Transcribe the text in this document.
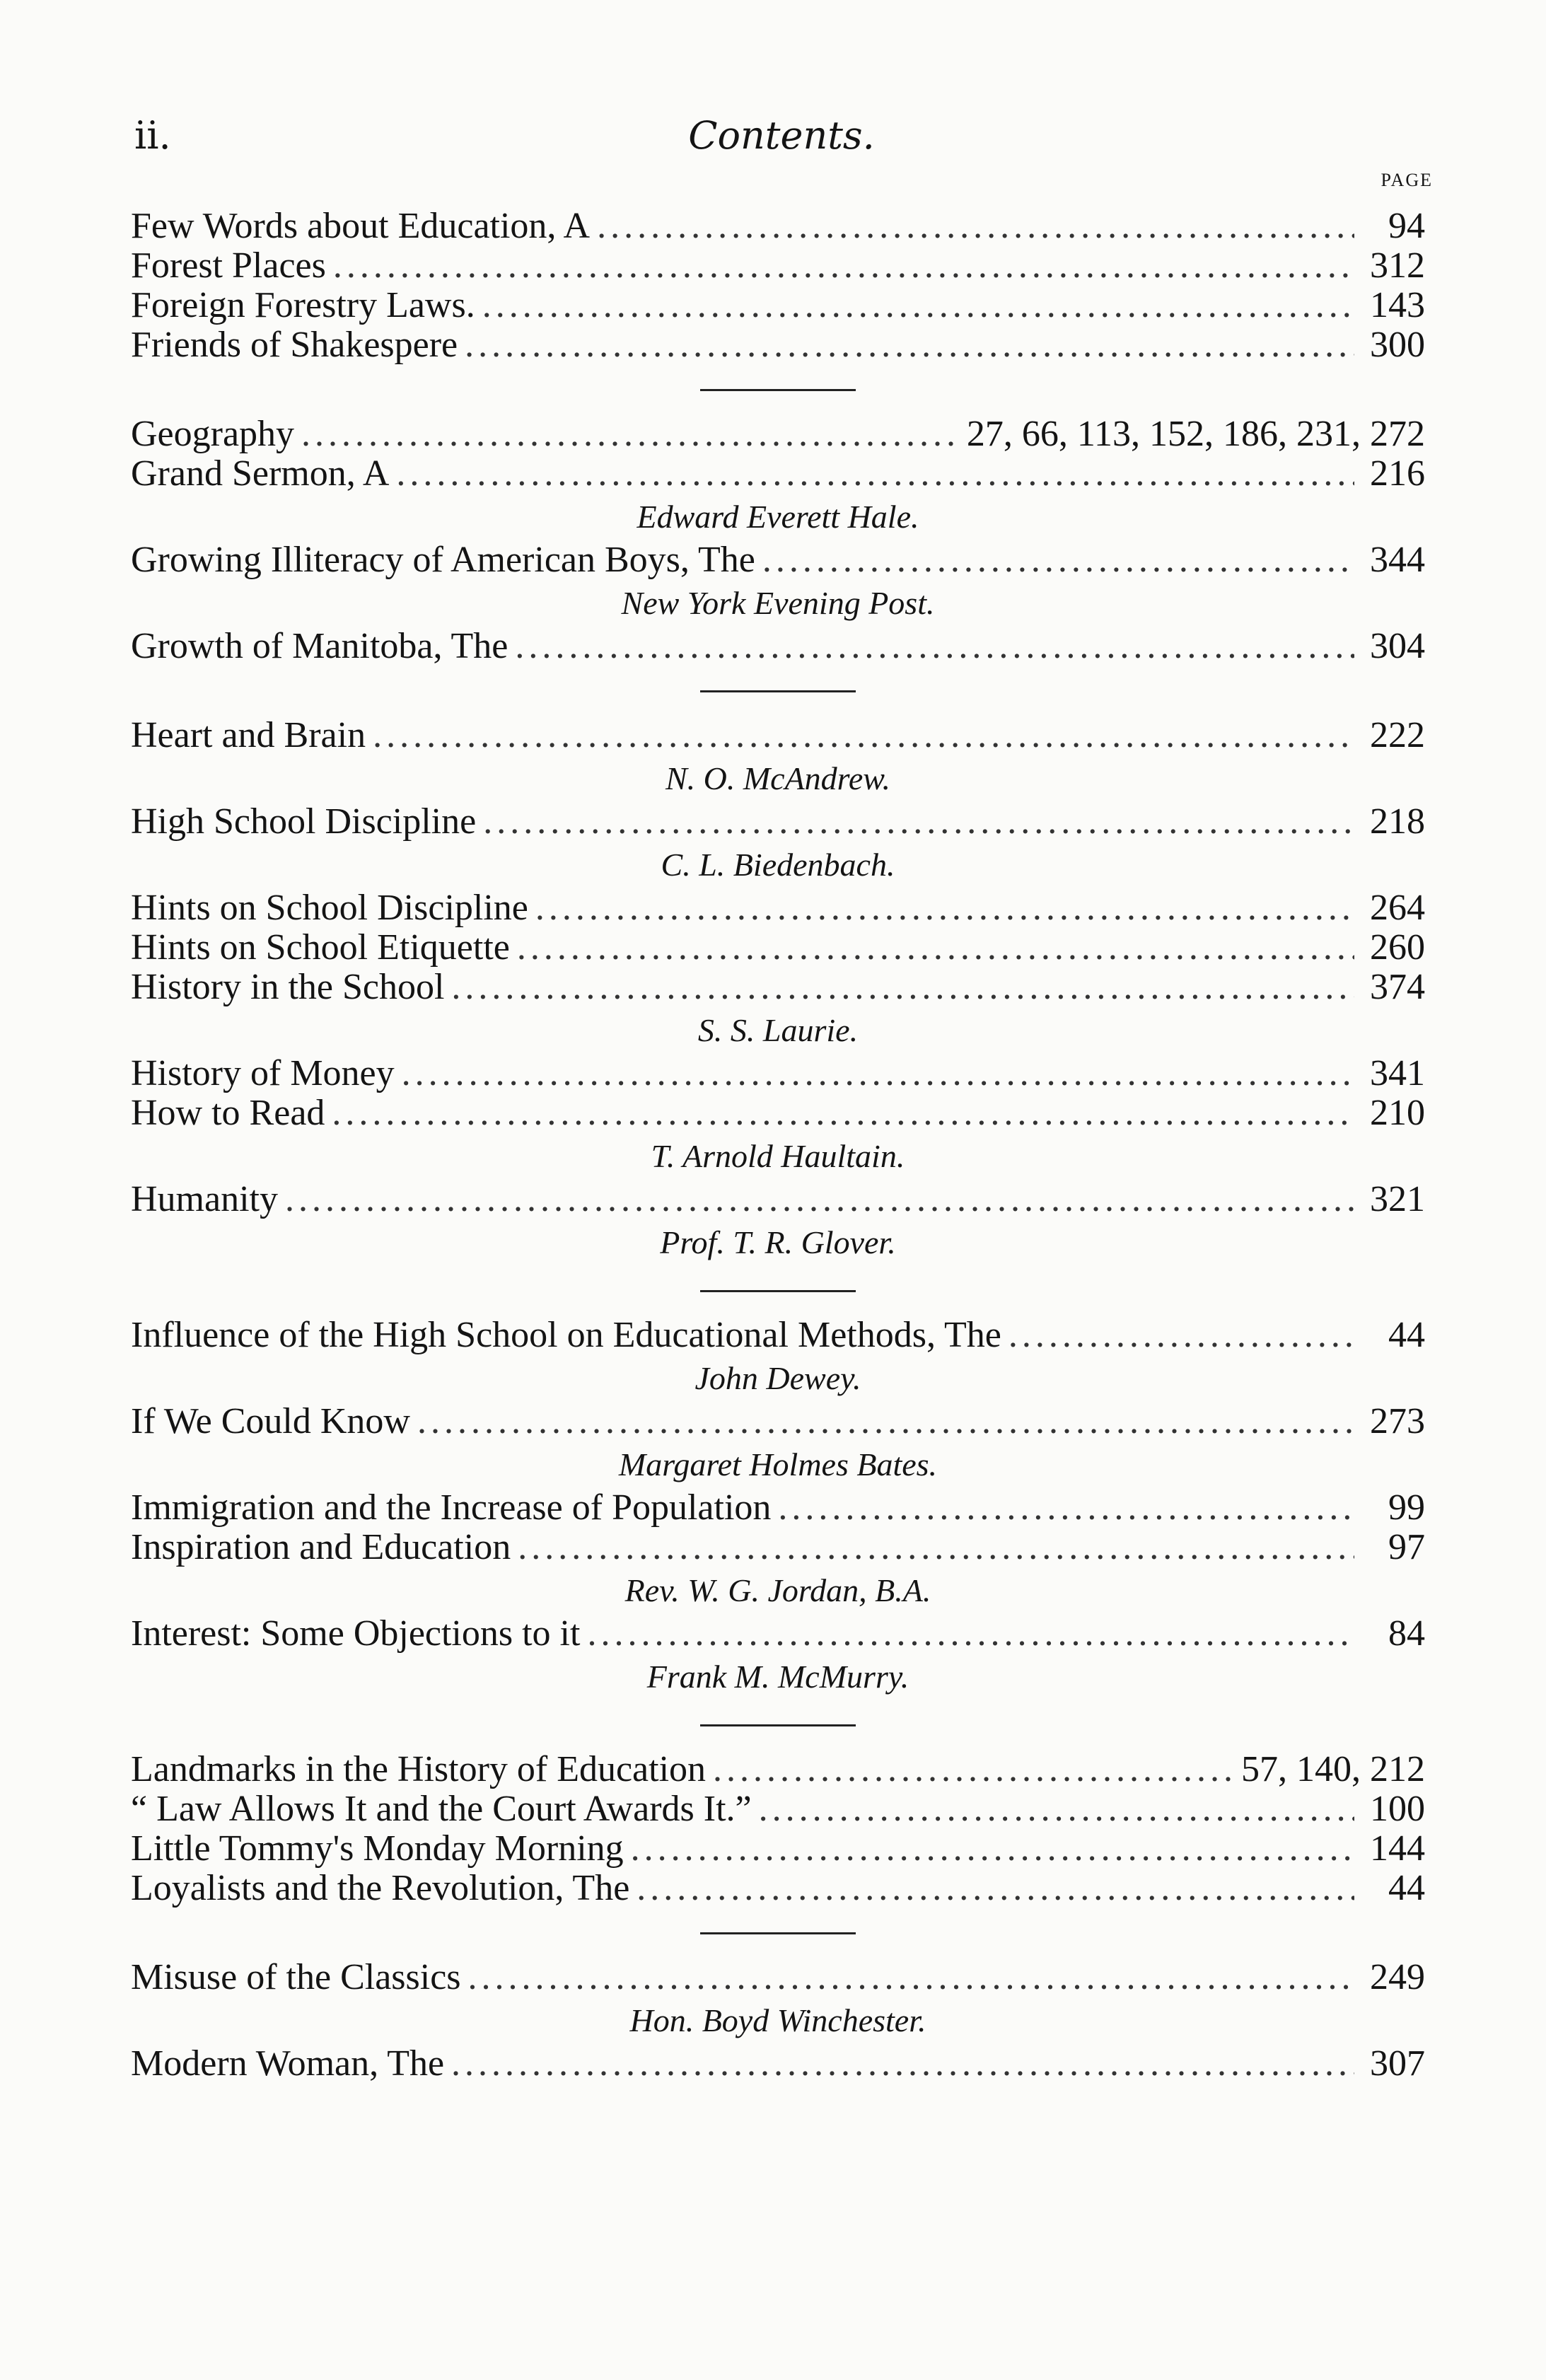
ii.	Contents.
PAGE
Few Words about Education, A .....	94
Forest Places .....	312
Foreign Forestry Laws. .....	143
Friends of Shakespere .....	300
Geography .....	27, 66, 113, 152, 186, 231, 272
Grand Sermon, A .....	216
Edward Everett Hale.
Growing Illiteracy of American Boys, The .....	344
New York Evening Post.
Growth of Manitoba, The .....	304
Heart and Brain .....	222
N. O. McAndrew.
High School Discipline .....	218
C. L. Biedenbach.
Hints on School Discipline .....	264
Hints on School Etiquette .....	260
History in the School .....	374
S. S. Laurie.
History of Money .....	341
How to Read .....	210
T. Arnold Haultain.
Humanity .....	321
Prof. T. R. Glover.
Influence of the High School on Educational Methods, The .....	44
John Dewey.
If We Could Know .....	273
Margaret Holmes Bates.
Immigration and the Increase of Population .....	99
Inspiration and Education .....	97
Rev. W. G. Jordan, B.A.
Interest: Some Objections to it .....	84
Frank M. McMurry.
Landmarks in the History of Education .....	57, 140, 212
“ Law Allows It and the Court Awards It.” .....	100
Little Tommy's Monday Morning .....	144
Loyalists and the Revolution, The .....	44
Misuse of the Classics .....	249
Hon. Boyd Winchester.
Modern Woman, The .....	307
